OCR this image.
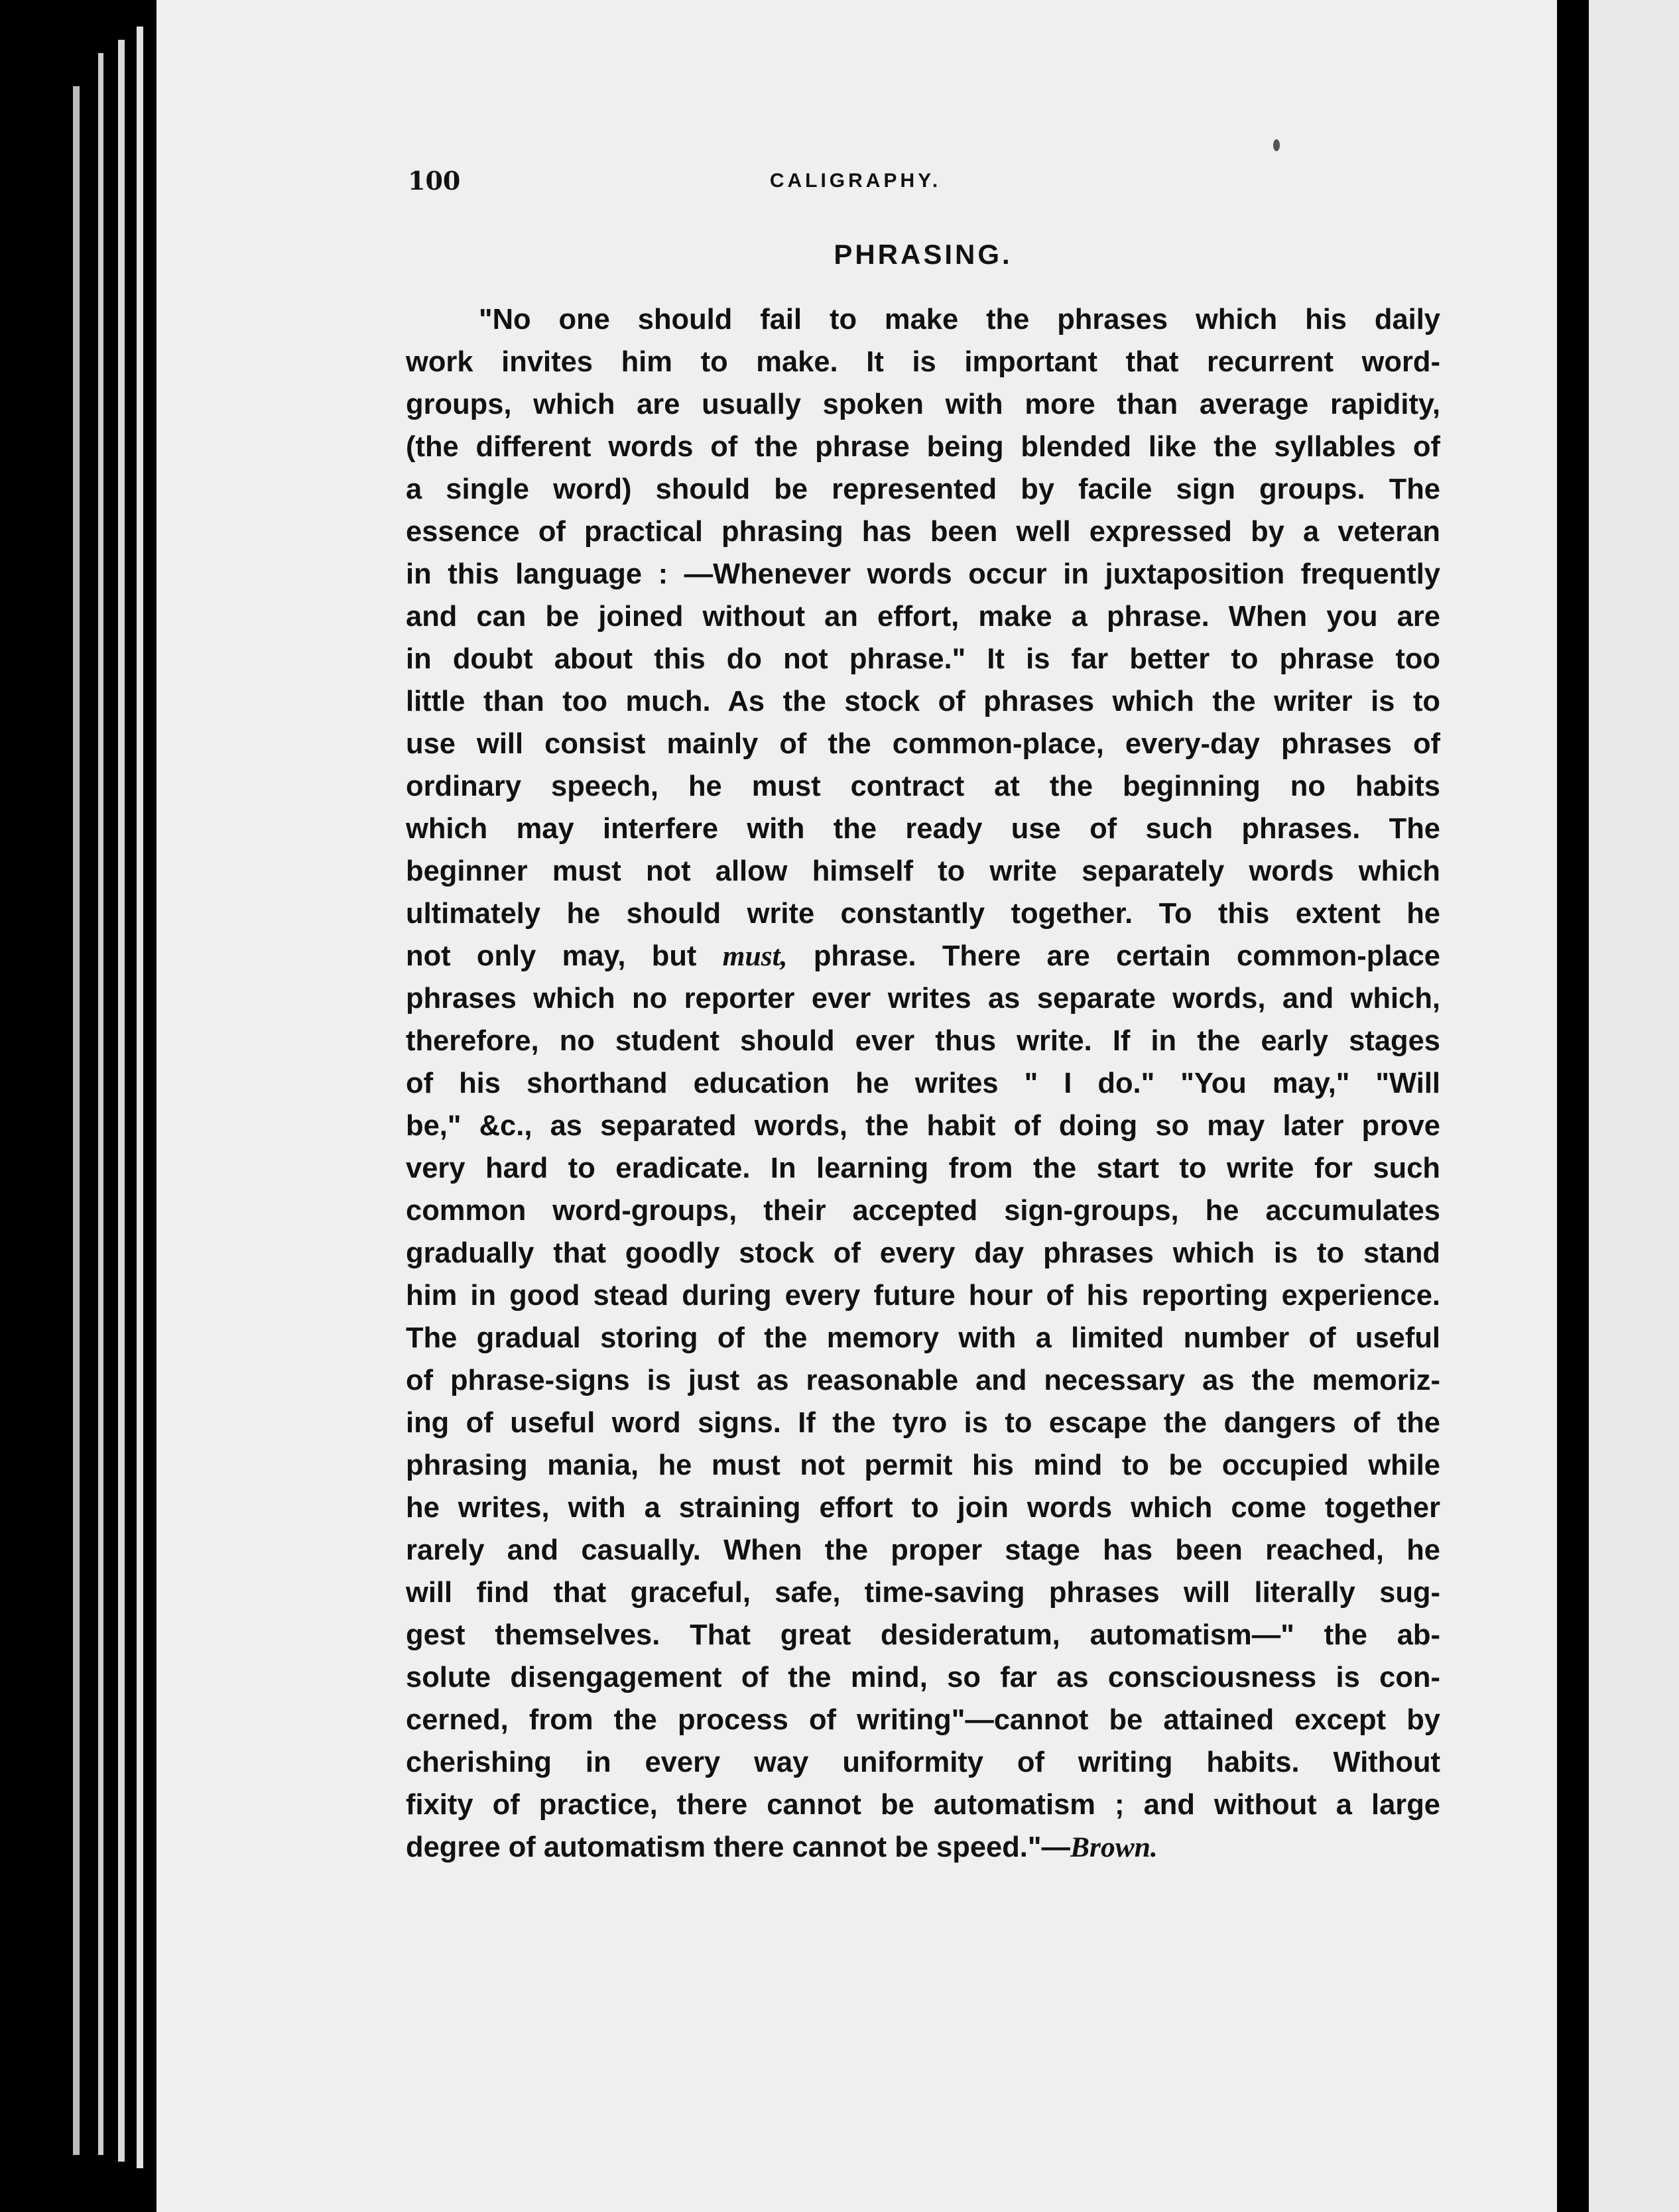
100	CALIGRAPHY.
PHRASING.
"No one should fail to make the phrases which his daily
work invites him to make. It is important that recurrent word-
groups, which are usually spoken with more than average rapidity,
(the different words of the phrase being blended like the syllables of
a single word) should be represented by facile sign groups. The
essence of practical phrasing has been well expressed by a veteran
in this language : —Whenever words occur in juxtaposition frequently
and can be joined without an effort, make a phrase. When you are
in doubt about this do not phrase." It is far better to phrase too
little than too much. As the stock of phrases which the writer is to
use will consist mainly of the common-place, every-day phrases of
ordinary speech, he must contract at the beginning no habits
which may interfere with the ready use of such phrases. The
beginner must not allow himself to write separately words which
ultimately he should write constantly together. To this extent he
not only may, but must, phrase. There are certain common-place
phrases which no reporter ever writes as separate words, and which,
therefore, no student should ever thus write. If in the early stages
of his shorthand education he writes " I do." "You may," "Will
be," &c., as separated words, the habit of doing so may later prove
very hard to eradicate. In learning from the start to write for such
common word-groups, their accepted sign-groups, he accumulates
gradually that goodly stock of every day phrases which is to stand
him in good stead during every future hour of his reporting experience.
The gradual storing of the memory with a limited number of useful
of phrase-signs is just as reasonable and necessary as the memoriz-
ing of useful word signs. If the tyro is to escape the dangers of the
phrasing mania, he must not permit his mind to be occupied while
he writes, with a straining effort to join words which come together
rarely and casually. When the proper stage has been reached, he
will find that graceful, safe, time-saving phrases will literally sug-
gest themselves. That great desideratum, automatism—" the ab-
solute disengagement of the mind, so far as consciousness is con-
cerned, from the process of writing"—cannot be attained except by
cherishing in every way uniformity of writing habits. Without
fixity of practice, there cannot be automatism ; and without a large
degree of automatism there cannot be speed."—Brown.
